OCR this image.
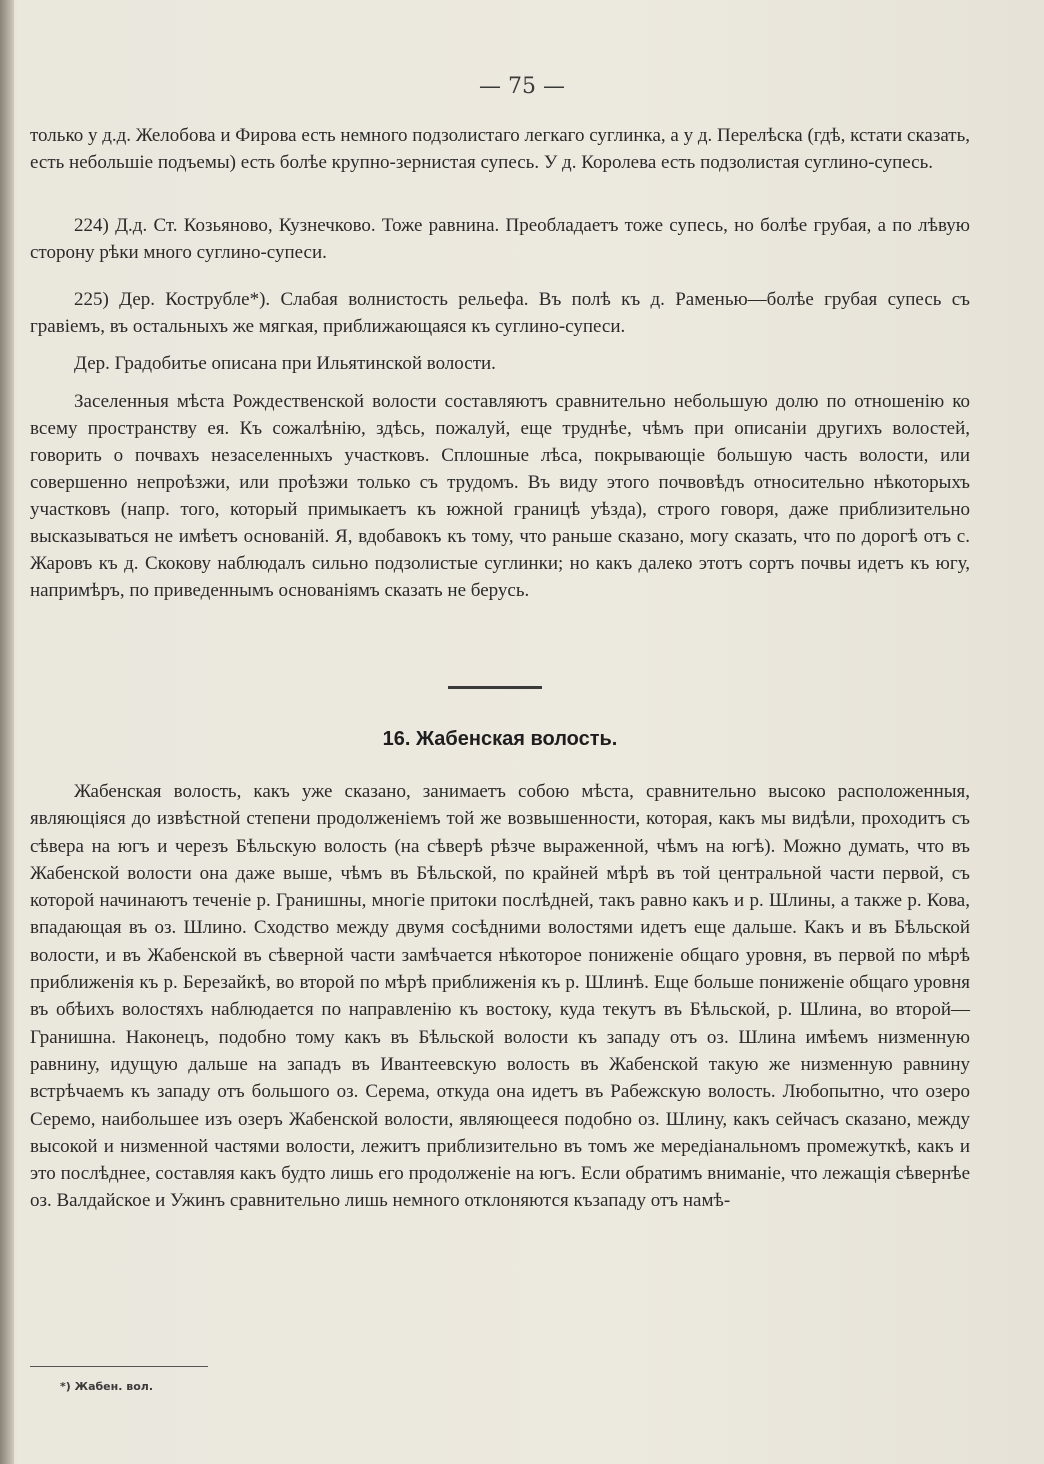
— 75 —

только у д.д. Желобова и Фирова есть немного подзолистаго легкаго суглинка, а у д. Перелѣска (гдѣ, кстати сказать, есть небольшіе подъемы) есть болѣе крупно-зернистая супесь. У д. Королева есть подзолистая суглино-супесь.

224) Д.д. Ст. Козьяново, Кузнечково. Тоже равнина. Преобладаетъ тоже супесь, но болѣе грубая, а по лѣвую сторону рѣки много суглино-супеси.

225) Дер. Кострубле*). Слабая волнистость рельефа. Въ полѣ къ д. Раменью—болѣе грубая супесь съ гравіемъ, въ остальныхъ же мягкая, приближающаяся къ суглино-супеси.

Дер. Градобитье описана при Ильятинской волости.

Заселенныя мѣста Рождественской волости составляютъ сравнительно небольшую долю по отношенію ко всему пространству ея. Къ сожалѣнію, здѣсь, пожалуй, еще труднѣе, чѣмъ при описаніи другихъ волостей, говорить о почвахъ незаселенныхъ участковъ. Сплошные лѣса, покрывающіе большую часть волости, или совершенно непроѣзжи, или проѣзжи только съ трудомъ. Въ виду этого почвовѣдъ относительно нѣкоторыхъ участковъ (напр. того, который примыкаетъ къ южной границѣ уѣзда), строго говоря, даже приблизительно высказываться не имѣетъ основаній. Я, вдобавокъ къ тому, что раньше сказано, могу сказать, что по дорогѣ отъ с. Жаровъ къ д. Скокову наблюдалъ сильно подзолистые суглинки; но какъ далеко этотъ сортъ почвы идетъ къ югу, напримѣръ, по приведеннымъ основаніямъ сказать не берусь.

16. Жабенская волость.

Жабенская волость, какъ уже сказано, занимаетъ собою мѣста, сравнительно высоко расположенныя, являющіяся до извѣстной степени продолженіемъ той же возвышенности, которая, какъ мы видѣли, проходитъ съ сѣвера на югъ и черезъ Бѣльскую волость (на сѣверѣ рѣзче выраженной, чѣмъ на югѣ). Можно думать, что въ Жабенской волости она даже выше, чѣмъ въ Бѣльской, по крайней мѣрѣ въ той центральной части первой, съ которой начинаютъ теченіе р. Гранишны, многіе притоки послѣдней, такъ равно какъ и р. Шлины, а также р. Кова, впадающая въ оз. Шлино. Сходство между двумя сосѣдними волостями идетъ еще дальше. Какъ и въ Бѣльской волости, и въ Жабенской въ сѣверной части замѣчается нѣкоторое пониженіе общаго уровня, въ первой по мѣрѣ приближенія къ р. Березайкѣ, во второй по мѣрѣ приближенія къ р. Шлинѣ. Еще больше пониженіе общаго уровня въ обѣихъ волостяхъ наблюдается по направленію къ востоку, куда текутъ въ Бѣльской, р. Шлина, во второй—Гранишна. Наконецъ, подобно тому какъ въ Бѣльской волости къ западу отъ оз. Шлина имѣемъ низменную равнину, идущую дальше на западъ въ Ивантеевскую волость въ Жабенской такую же низменную равнину встрѣчаемъ къ западу отъ большого оз. Серема, откуда она идетъ въ Рабежскую волость. Любопытно, что озеро Серемо, наибольшее изъ озеръ Жабенской волости, являющееся подобно оз. Шлину, какъ сейчасъ сказано, между высокой и низменной частями волости, лежитъ приблизительно въ томъ же мередіанальномъ промежуткѣ, какъ и это послѣднее, составляя какъ будто лишь его продолженіе на югъ. Если обратимъ вниманіе, что лежащія сѣвернѣе оз. Валдайское и Ужинъ сравнительно лишь немного отклоняются къзападу отъ намѣ-

*) Жабен. вол.
